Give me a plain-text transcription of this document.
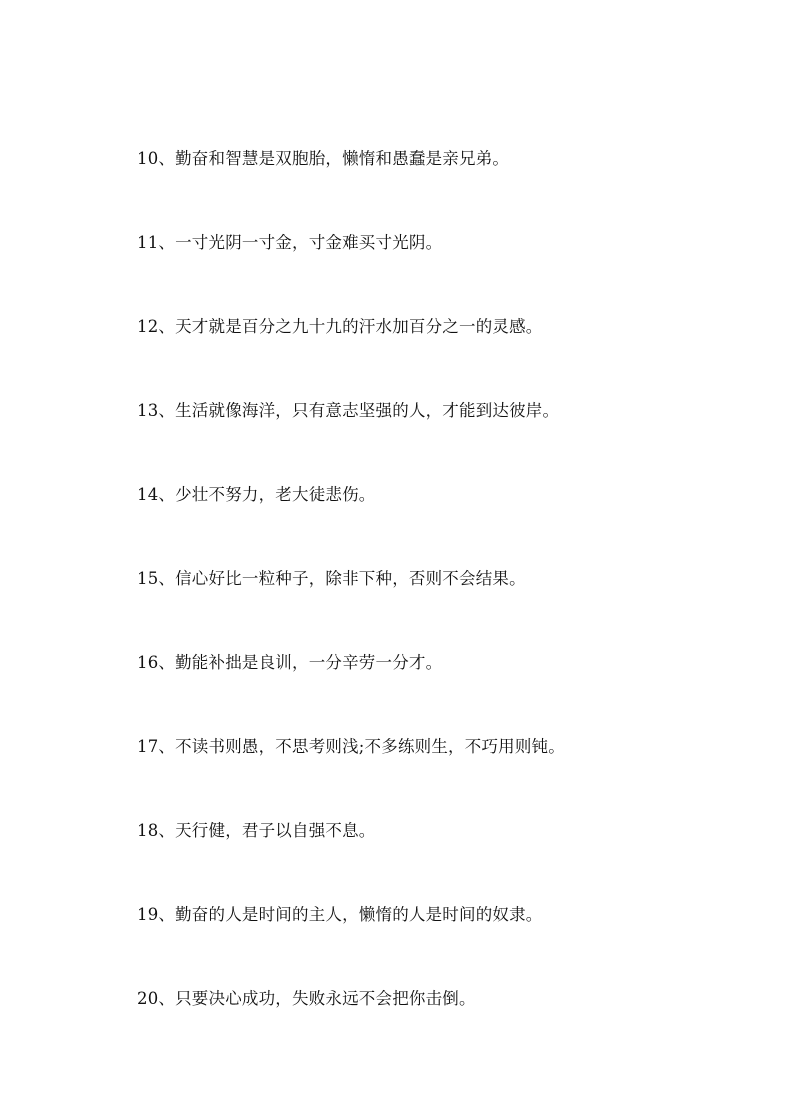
10、勤奋和智慧是双胞胎，懒惰和愚蠢是亲兄弟。
11、一寸光阴一寸金，寸金难买寸光阴。
12、天才就是百分之九十九的汗水加百分之一的灵感。
13、生活就像海洋，只有意志坚强的人，才能到达彼岸。
14、少壮不努力，老大徒悲伤。
15、信心好比一粒种子，除非下种，否则不会结果。
16、勤能补拙是良训，一分辛劳一分才。
17、不读书则愚，不思考则浅;不多练则生，不巧用则钝。
18、天行健，君子以自强不息。
19、勤奋的人是时间的主人，懒惰的人是时间的奴隶。
20、只要决心成功，失败永远不会把你击倒。
